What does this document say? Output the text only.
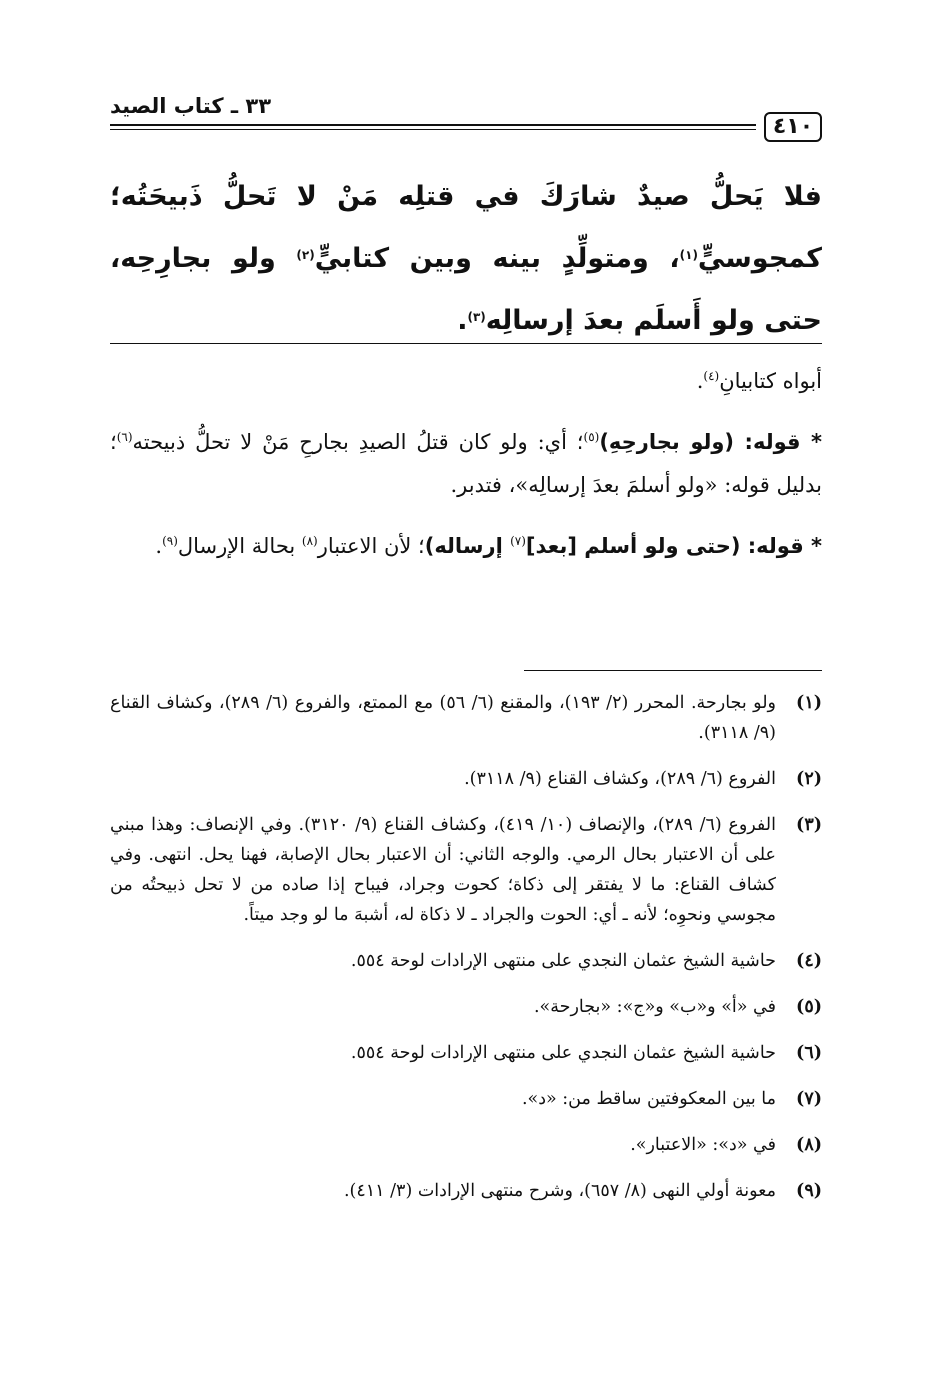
٤١٠
٣٣ ـ كتاب الصيد
فلا يَحلُّ صيدٌ شارَكَ في قتلِه مَنْ لا تَحلُّ ذَبيحَتُه؛ كمجوسيٍّ$^{(١)}$، ومتولِّدٍ بينه وبين كتابيٍّ$^{(٢)}$ ولو بجارِحِه، حتى ولو أَسلَم بعدَ إرسالِه$^{(٣)}$.

أبواه كتابيانِ$^{(٤)}$.

* قوله: (ولو بجارحِهِ)$^{(٥)}$؛ أي: ولو كان قتلُ الصيدِ بجارحِ مَنْ لا تحلُّ ذبيحته$^{(٦)}$؛ بدليل قوله: «ولو أسلمَ بعدَ إرسالِه»، فتدبر.

* قوله: (حتى ولو أسلم [بعد]$^{(٧)}$ إرساله)؛ لأن الاعتبار$^{(٨)}$ بحالة الإرسال$^{(٩)}$.

(١)
ولو بجارحة. المحرر (٢/ ١٩٣)، والمقنع (٦/ ٥٦) مع الممتع، والفروع (٦/ ٢٨٩)، وكشاف القناع (٩/ ٣١١٨).
(٢)
الفروع (٦/ ٢٨٩)، وكشاف القناع (٩/ ٣١١٨).
(٣)
الفروع (٦/ ٢٨٩)، والإنصاف (١٠/ ٤١٩)، وكشاف القناع (٩/ ٣١٢٠). وفي الإنصاف: وهذا مبني على أن الاعتبار بحال الرمي. والوجه الثاني: أن الاعتبار بحال الإصابة، فهنا يحل. انتهى. وفي كشاف القناع: ما لا يفتقر إلى ذكاة؛ كحوت وجراد، فيباح إذا صاده من لا تحل ذبيحتُه من مجوسي ونحوِه؛ لأنه ـ أي: الحوت والجراد ـ لا ذكاة له، أشبهَ ما لو وجد ميتاً.
(٤)
حاشية الشيخ عثمان النجدي على منتهى الإرادات لوحة ٥٥٤.
(٥)
في «أ» و«ب» و«ج»: «بجارحة».
(٦)
حاشية الشيخ عثمان النجدي على منتهى الإرادات لوحة ٥٥٤.
(٧)
ما بين المعكوفتين ساقط من: «د».
(٨)
في «د»: «الاعتبار».
(٩)
معونة أولي النهى (٨/ ٦٥٧)، وشرح منتهى الإرادات (٣/ ٤١١).
